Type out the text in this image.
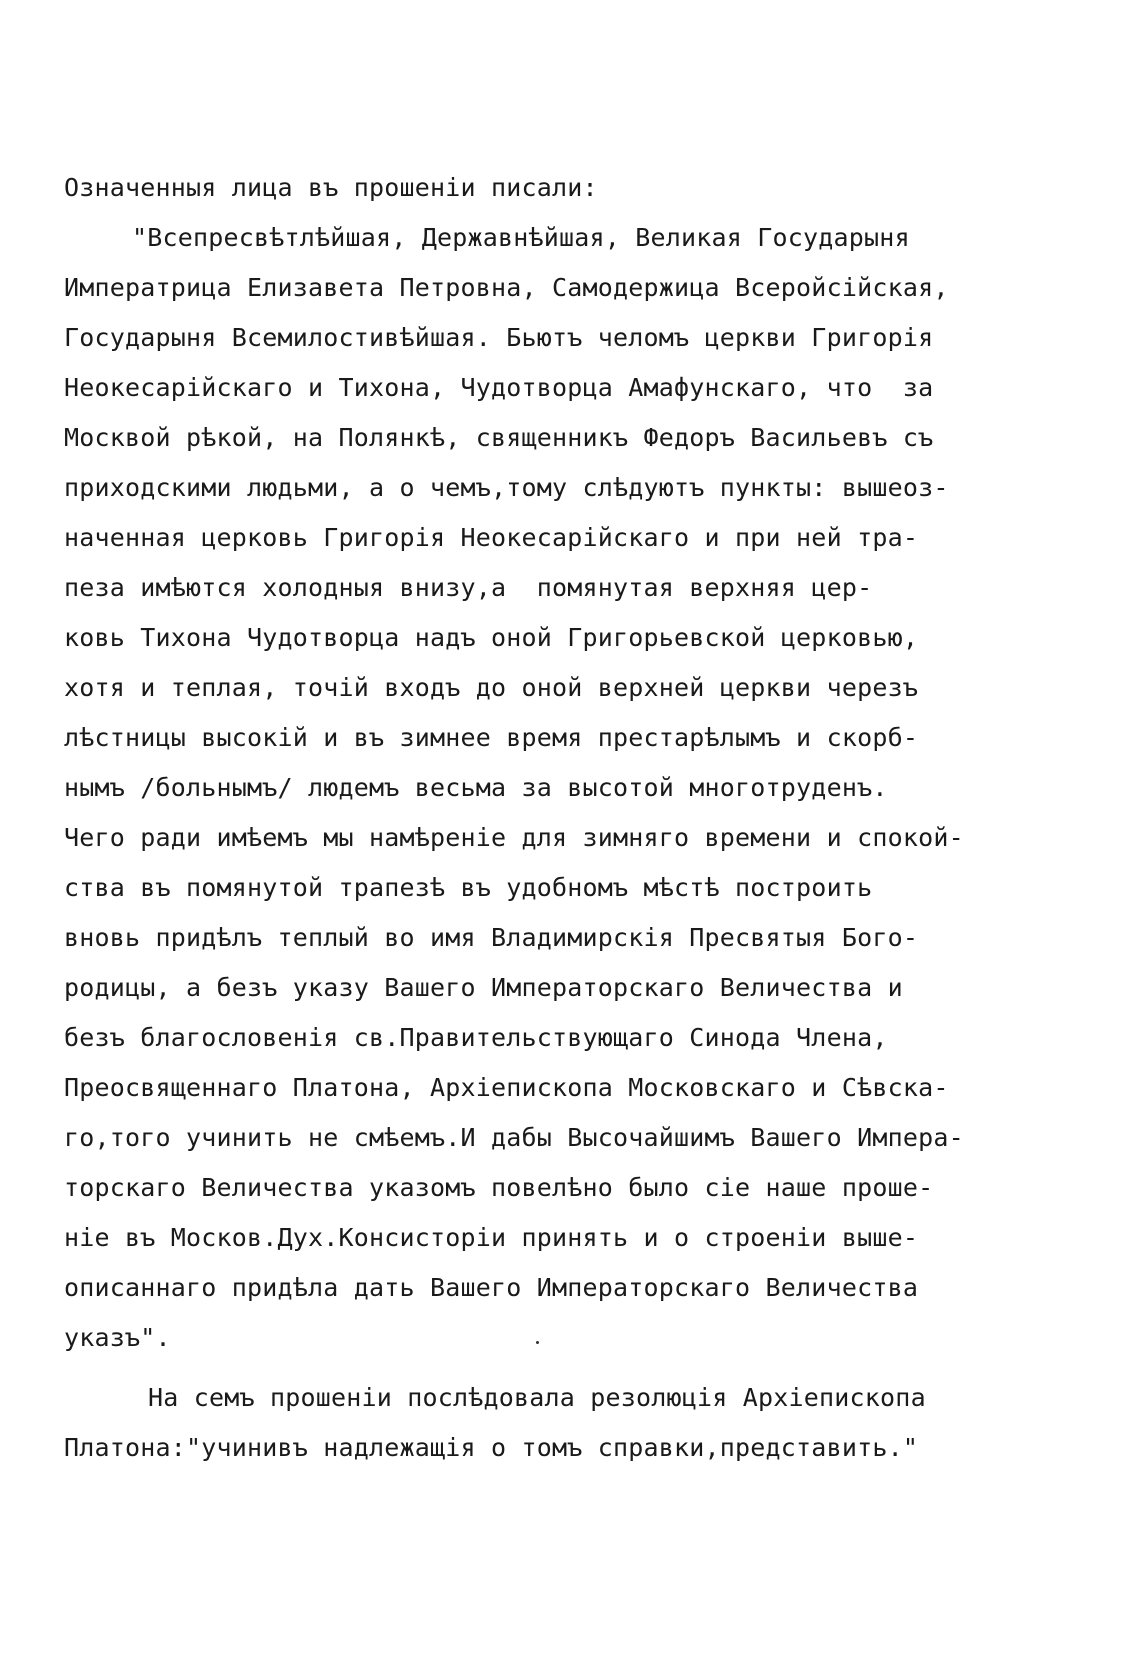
Означенныя лица въ прошенiи писали:

"Всепресвѣтлѣйшая, Державнѣйшая, Великая Государыня

Императрица Елизавета Петровна, Самодержица Всеройсiйская,

Государыня Всемилостивѣйшая. Бьютъ челомъ церкви Григорiя

Неокесарiйскаго и Тихона, Чудотворца Амафунскаго, что  за

Москвой рѣкой, на Полянкѣ, священникъ Федоръ Васильевъ съ

приходскими людьми, а о чемъ,тому слѣдуютъ пункты: вышеоз-

наченная церковь Григорiя Неокесарiйскаго и при ней тра-

пеза имѣются холодныя внизу,а  помянутая верхняя цер-

ковь Тихона Чудотворца надъ оной Григорьевской церковью,

хотя и теплая, точiй входъ до оной верхней церкви черезъ

лѣстницы высокiй и въ зимнее время престарѣлымъ и скорб-

нымъ /больнымъ/ людемъ весьма за высотой многотруденъ.

Чего ради имѣемъ мы намѣренiе для зимняго времени и спокой-

ства въ помянутой трапезѣ въ удобномъ мѣстѣ построить

вновь придѣлъ теплый во имя Владимирскiя Пресвятыя Бого-

родицы, а безъ указу Вашего Императорскаго Величества и

безъ благословенiя св.Правительствующаго Синода Члена,

Преосвященнаго Платона, Архiепископа Московскаго и Сѣвска-

го,того учинить не смѣемъ.И дабы Высочайшимъ Вашего Импера-

торскаго Величества указомъ повелѣно было сiе наше проше-

нiе въ Москов.Дух.Консисторiи принять и о строенiи выше-

описаннаго придѣла дать Вашего Императорскаго Величества

указъ".

На семъ прошенiи послѣдовала резолюцiя Архiепископа

Платона:"учинивъ надлежащiя о томъ справки,представить."
